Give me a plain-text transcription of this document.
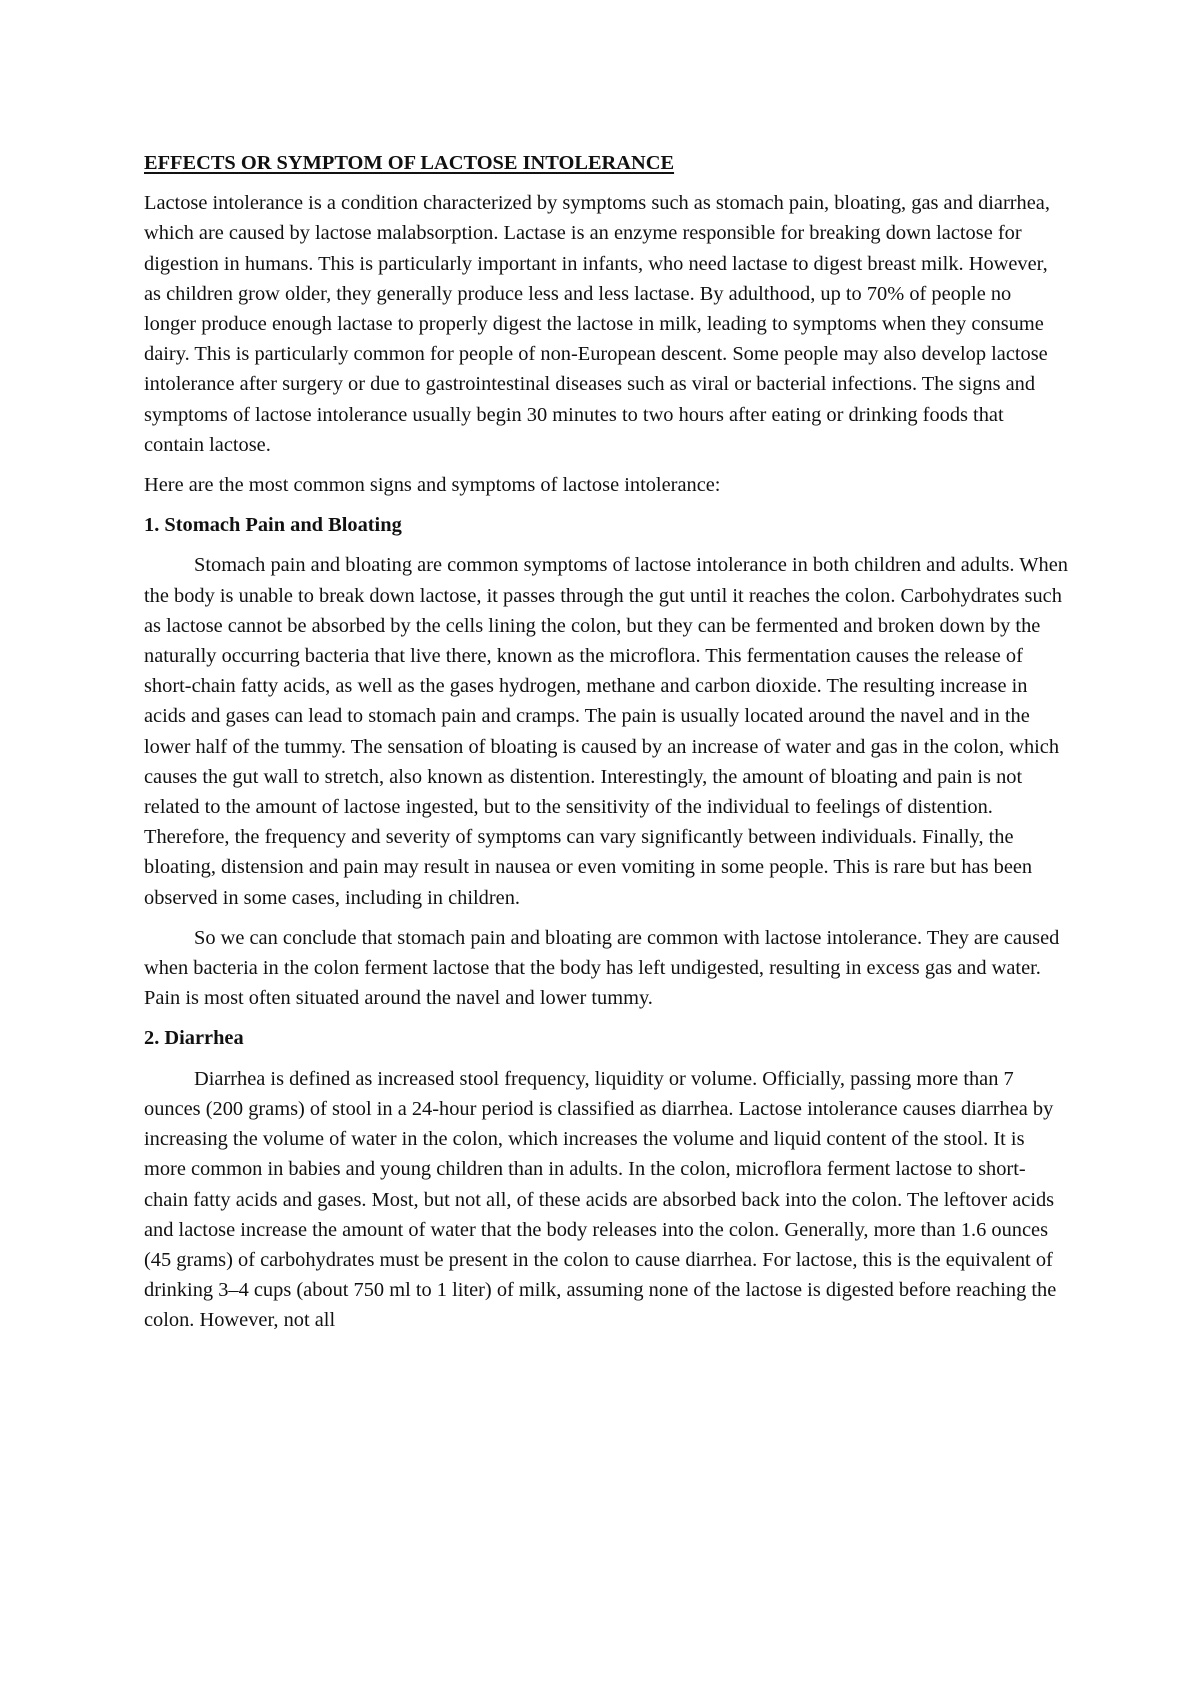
EFFECTS OR SYMPTOM OF LACTOSE INTOLERANCE

Lactose intolerance is a condition characterized by symptoms such as stomach pain, bloating, gas and diarrhea, which are caused by lactose malabsorption. Lactase is an enzyme responsible for breaking down lactose for digestion in humans. This is particularly important in infants, who need lactase to digest breast milk. However, as children grow older, they generally produce less and less lactase. By adulthood, up to 70% of people no longer produce enough lactase to properly digest the lactose in milk, leading to symptoms when they consume dairy. This is particularly common for people of non-European descent. Some people may also develop lactose intolerance after surgery or due to gastrointestinal diseases such as viral or bacterial infections. The signs and symptoms of lactose intolerance usually begin 30 minutes to two hours after eating or drinking foods that contain lactose.

Here are the most common signs and symptoms of lactose intolerance:

1. Stomach Pain and Bloating

Stomach pain and bloating are common symptoms of lactose intolerance in both children and adults. When the body is unable to break down lactose, it passes through the gut until it reaches the colon. Carbohydrates such as lactose cannot be absorbed by the cells lining the colon, but they can be fermented and broken down by the naturally occurring bacteria that live there, known as the microflora. This fermentation causes the release of short-chain fatty acids, as well as the gases hydrogen, methane and carbon dioxide. The resulting increase in acids and gases can lead to stomach pain and cramps. The pain is usually located around the navel and in the lower half of the tummy. The sensation of bloating is caused by an increase of water and gas in the colon, which causes the gut wall to stretch, also known as distention. Interestingly, the amount of bloating and pain is not related to the amount of lactose ingested, but to the sensitivity of the individual to feelings of distention. Therefore, the frequency and severity of symptoms can vary significantly between individuals. Finally, the bloating, distension and pain may result in nausea or even vomiting in some people. This is rare but has been observed in some cases, including in children.

So we can conclude that stomach pain and bloating are common with lactose intolerance. They are caused when bacteria in the colon ferment lactose that the body has left undigested, resulting in excess gas and water. Pain is most often situated around the navel and lower tummy.

2. Diarrhea

Diarrhea is defined as increased stool frequency, liquidity or volume. Officially, passing more than 7 ounces (200 grams) of stool in a 24-hour period is classified as diarrhea. Lactose intolerance causes diarrhea by increasing the volume of water in the colon, which increases the volume and liquid content of the stool. It is more common in babies and young children than in adults. In the colon, microflora ferment lactose to short-chain fatty acids and gases. Most, but not all, of these acids are absorbed back into the colon. The leftover acids and lactose increase the amount of water that the body releases into the colon. Generally, more than 1.6 ounces (45 grams) of carbohydrates must be present in the colon to cause diarrhea. For lactose, this is the equivalent of drinking 3–4 cups (about 750 ml to 1 liter) of milk, assuming none of the lactose is digested before reaching the colon. However, not all
